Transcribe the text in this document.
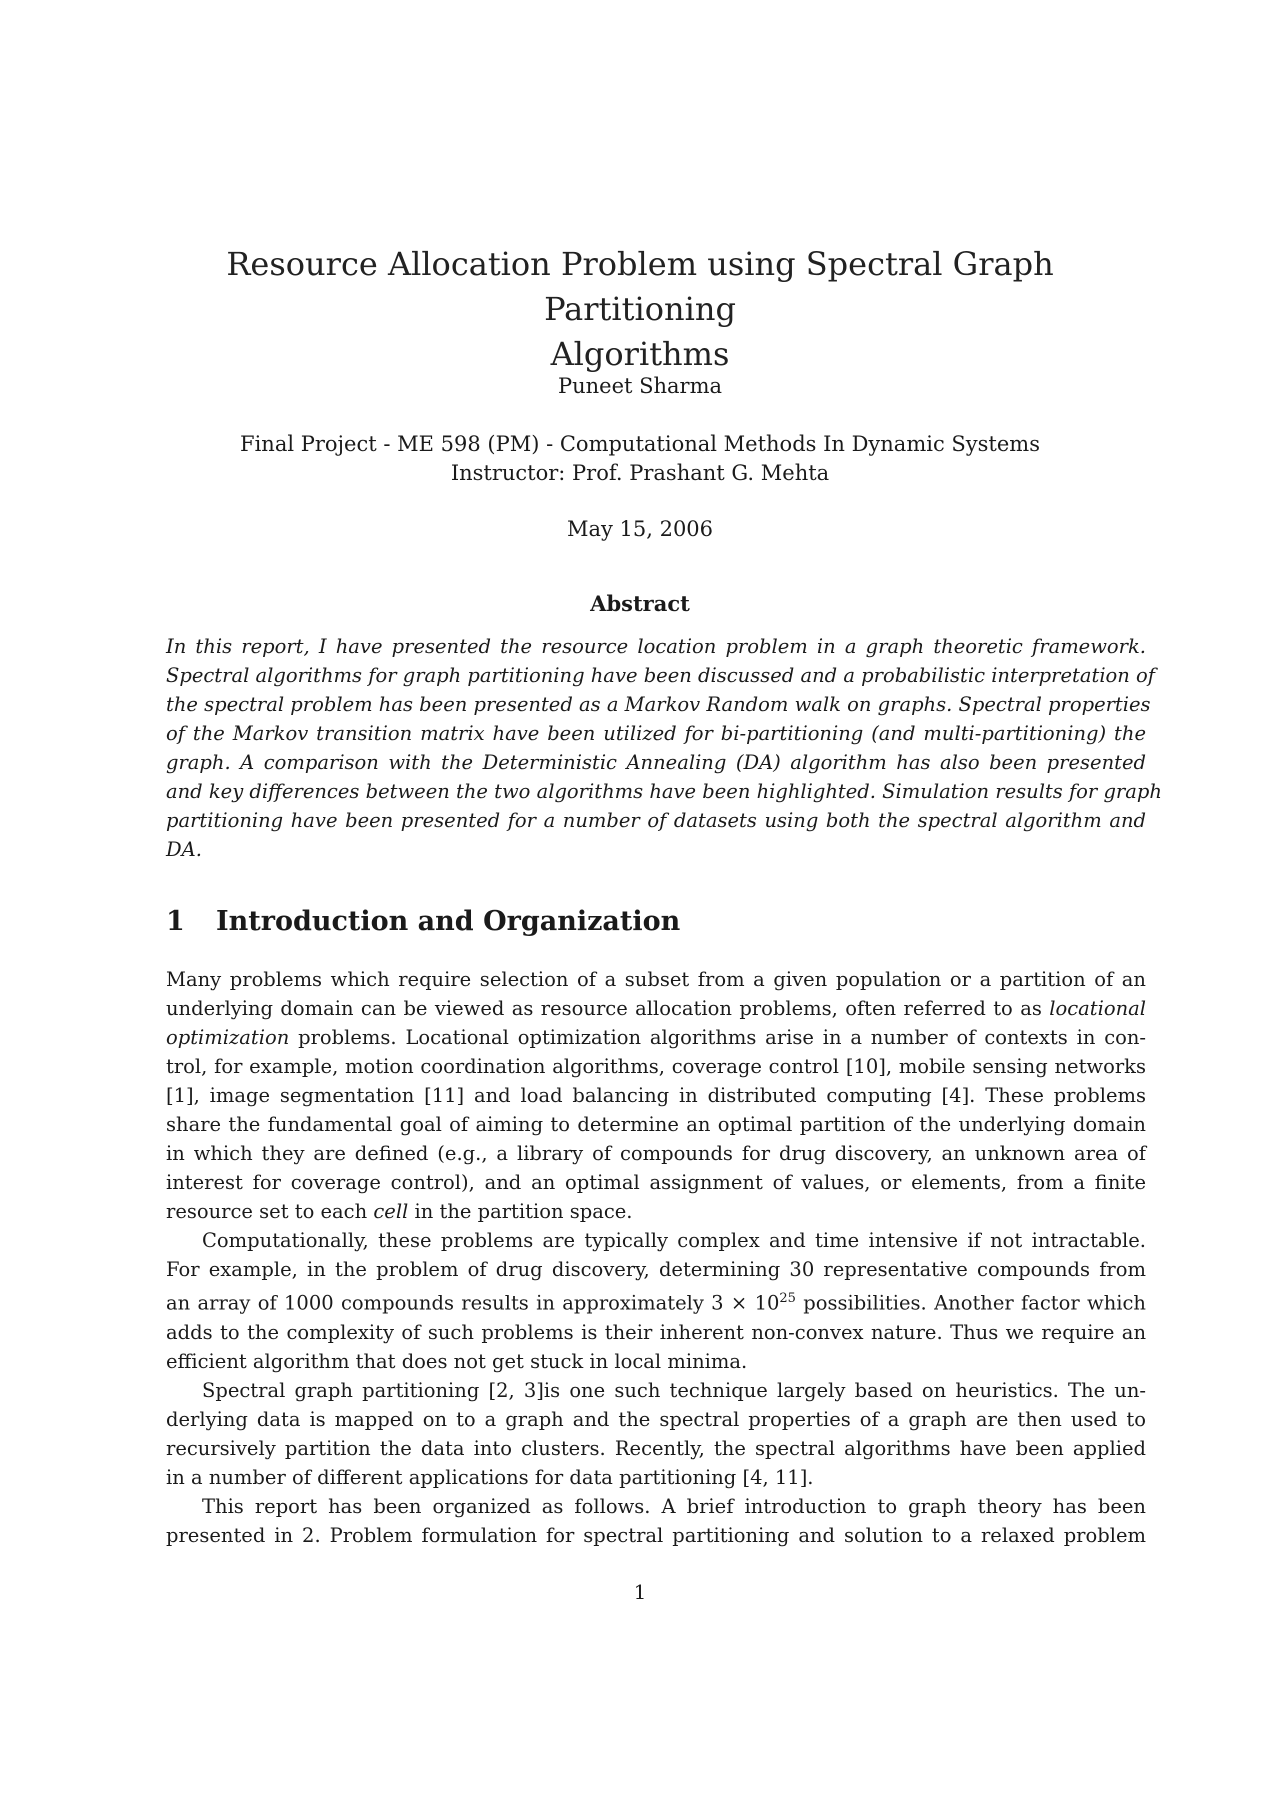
Resource Allocation Problem using Spectral Graph Partitioning
Algorithms
Puneet Sharma
Final Project - ME 598 (PM) - Computational Methods In Dynamic Systems
Instructor: Prof. Prashant G. Mehta
May 15, 2006
Abstract
In this report, I have presented the resource location problem in a graph theoretic framework.
Spectral algorithms for graph partitioning have been discussed and a probabilistic interpretation of
the spectral problem has been presented as a Markov Random walk on graphs. Spectral properties
of the Markov transition matrix have been utilized for bi-partitioning (and multi-partitioning) the
graph. A comparison with the Deterministic Annealing (DA) algorithm has also been presented
and key differences between the two algorithms have been highlighted. Simulation results for graph
partitioning have been presented for a number of datasets using both the spectral algorithm and
DA.
1 Introduction and Organization
Many problems which require selection of a subset from a given population or a partition of an
underlying domain can be viewed as resource allocation problems, often referred to as locational
optimization problems. Locational optimization algorithms arise in a number of contexts in con-
trol, for example, motion coordination algorithms, coverage control [10], mobile sensing networks
[1], image segmentation [11] and load balancing in distributed computing [4]. These problems
share the fundamental goal of aiming to determine an optimal partition of the underlying domain
in which they are defined (e.g., a library of compounds for drug discovery, an unknown area of
interest for coverage control), and an optimal assignment of values, or elements, from a finite
resource set to each cell in the partition space.
Computationally, these problems are typically complex and time intensive if not intractable.
For example, in the problem of drug discovery, determining 30 representative compounds from
an array of 1000 compounds results in approximately $3 \times 10^{25}$ possibilities. Another factor which
adds to the complexity of such problems is their inherent non-convex nature. Thus we require an
efficient algorithm that does not get stuck in local minima.
Spectral graph partitioning [2, 3]is one such technique largely based on heuristics. The un-
derlying data is mapped on to a graph and the spectral properties of a graph are then used to
recursively partition the data into clusters. Recently, the spectral algorithms have been applied
in a number of different applications for data partitioning [4, 11].
This report has been organized as follows. A brief introduction to graph theory has been
presented in 2. Problem formulation for spectral partitioning and solution to a relaxed problem
1
